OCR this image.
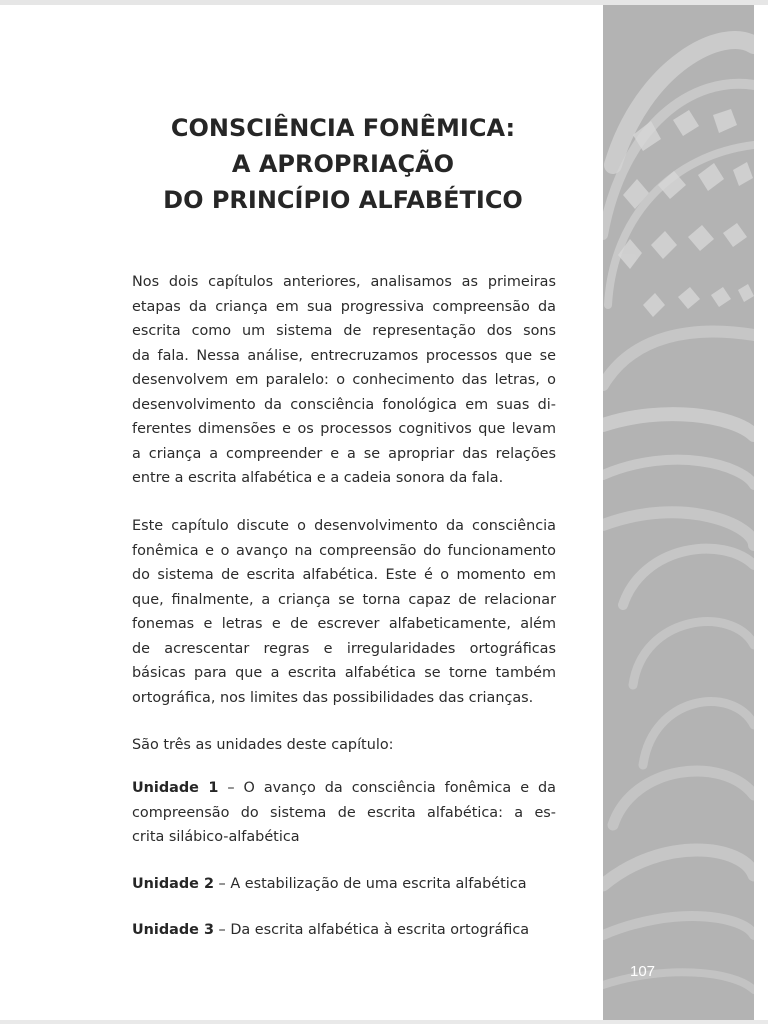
CONSCIÊNCIA FONÊMICA:
A APROPRIAÇÃO
DO PRINCÍPIO ALFABÉTICO
Nos dois capítulos anteriores, analisamos as primeiras
etapas da criança em sua progressiva compreensão da
escrita como um sistema de representação dos sons
da fala. Nessa análise, entrecruzamos processos que se
desenvolvem em paralelo: o conhecimento das letras, o
desenvolvimento da consciência fonológica em suas di-
ferentes dimensões e os processos cognitivos que levam
a criança a compreender e a se apropriar das relações
entre a escrita alfabética e a cadeia sonora da fala.
Este capítulo discute o desenvolvimento da consciência
fonêmica e o avanço na compreensão do funcionamento
do sistema de escrita alfabética. Este é o momento em
que, finalmente, a criança se torna capaz de relacionar
fonemas e letras e de escrever alfabeticamente, além
de acrescentar regras e irregularidades ortográficas
básicas para que a escrita alfabética se torne também
ortográfica, nos limites das possibilidades das crianças.
São três as unidades deste capítulo:
Unidade 1 – O avanço da consciência fonêmica e da
compreensão do sistema de escrita alfabética: a es-
crita silábico-alfabética
Unidade 2 – A estabilização de uma escrita alfabética
Unidade 3 – Da escrita alfabética à escrita ortográfica
107
